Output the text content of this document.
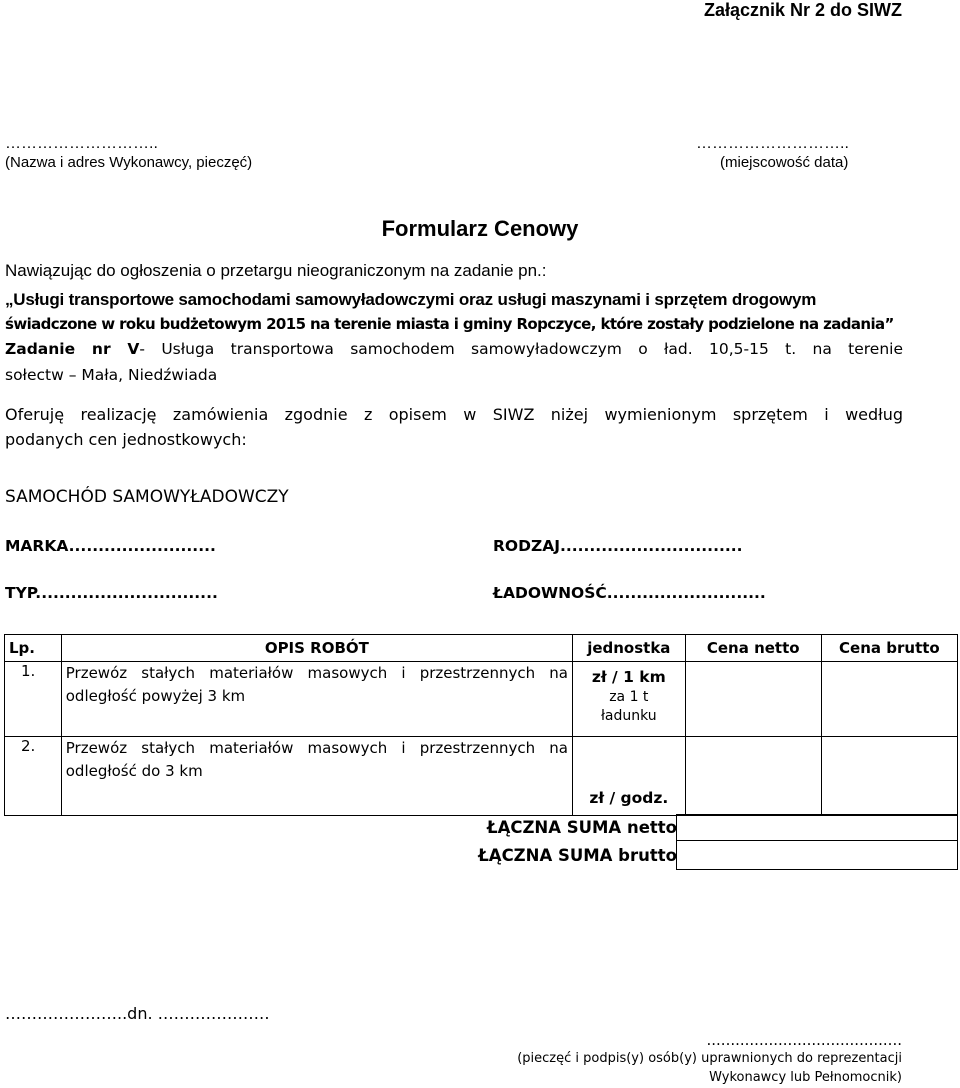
Załącznik Nr 2 do SIWZ
………………………..
(Nazwa i adres Wykonawcy, pieczęć)
………………………..
(miejscowość data)
Formularz Cenowy
Nawiązując do ogłoszenia o przetargu nieograniczonym na zadanie pn.:
„Usługi transportowe samochodami samowyładowczymi oraz usługi maszynami i sprzętem drogowym
świadczone w roku budżetowym 2015 na terenie miasta i gminy Ropczyce, które zostały podzielone na zadania”
Zadanie nr V- Usługa transportowa samochodem samowyładowczym o ład. 10,5-15 t. na terenie
sołectw – Mała, Niedźwiada
Oferuję realizację zamówienia zgodnie z opisem w SIWZ niżej wymienionym sprzętem i według
podanych cen jednostkowych:
SAMOCHÓD SAMOWYŁADOWCZY
MARKA.........................	RODZAJ...............................
TYP...............................	ŁADOWNOŚĆ...........................
Lp.	OPIS ROBÓT	jednostka	Cena netto	Cena brutto
1.	Przewóz stałych materiałów masowych i przestrzennych na odległość powyżej 3 km	zł / 1 km
za 1 t
ładunku		

2.	Przewóz stałych materiałów masowych i przestrzennych na odległość do 3 km	zł / godz.		
ŁĄCZNA SUMA netto
ŁĄCZNA SUMA brutto
…………………..dn. …………………
.........................................
(pieczęć i podpis(y) osób(y) uprawnionych do reprezentacji
Wykonawcy lub Pełnomocnik)
